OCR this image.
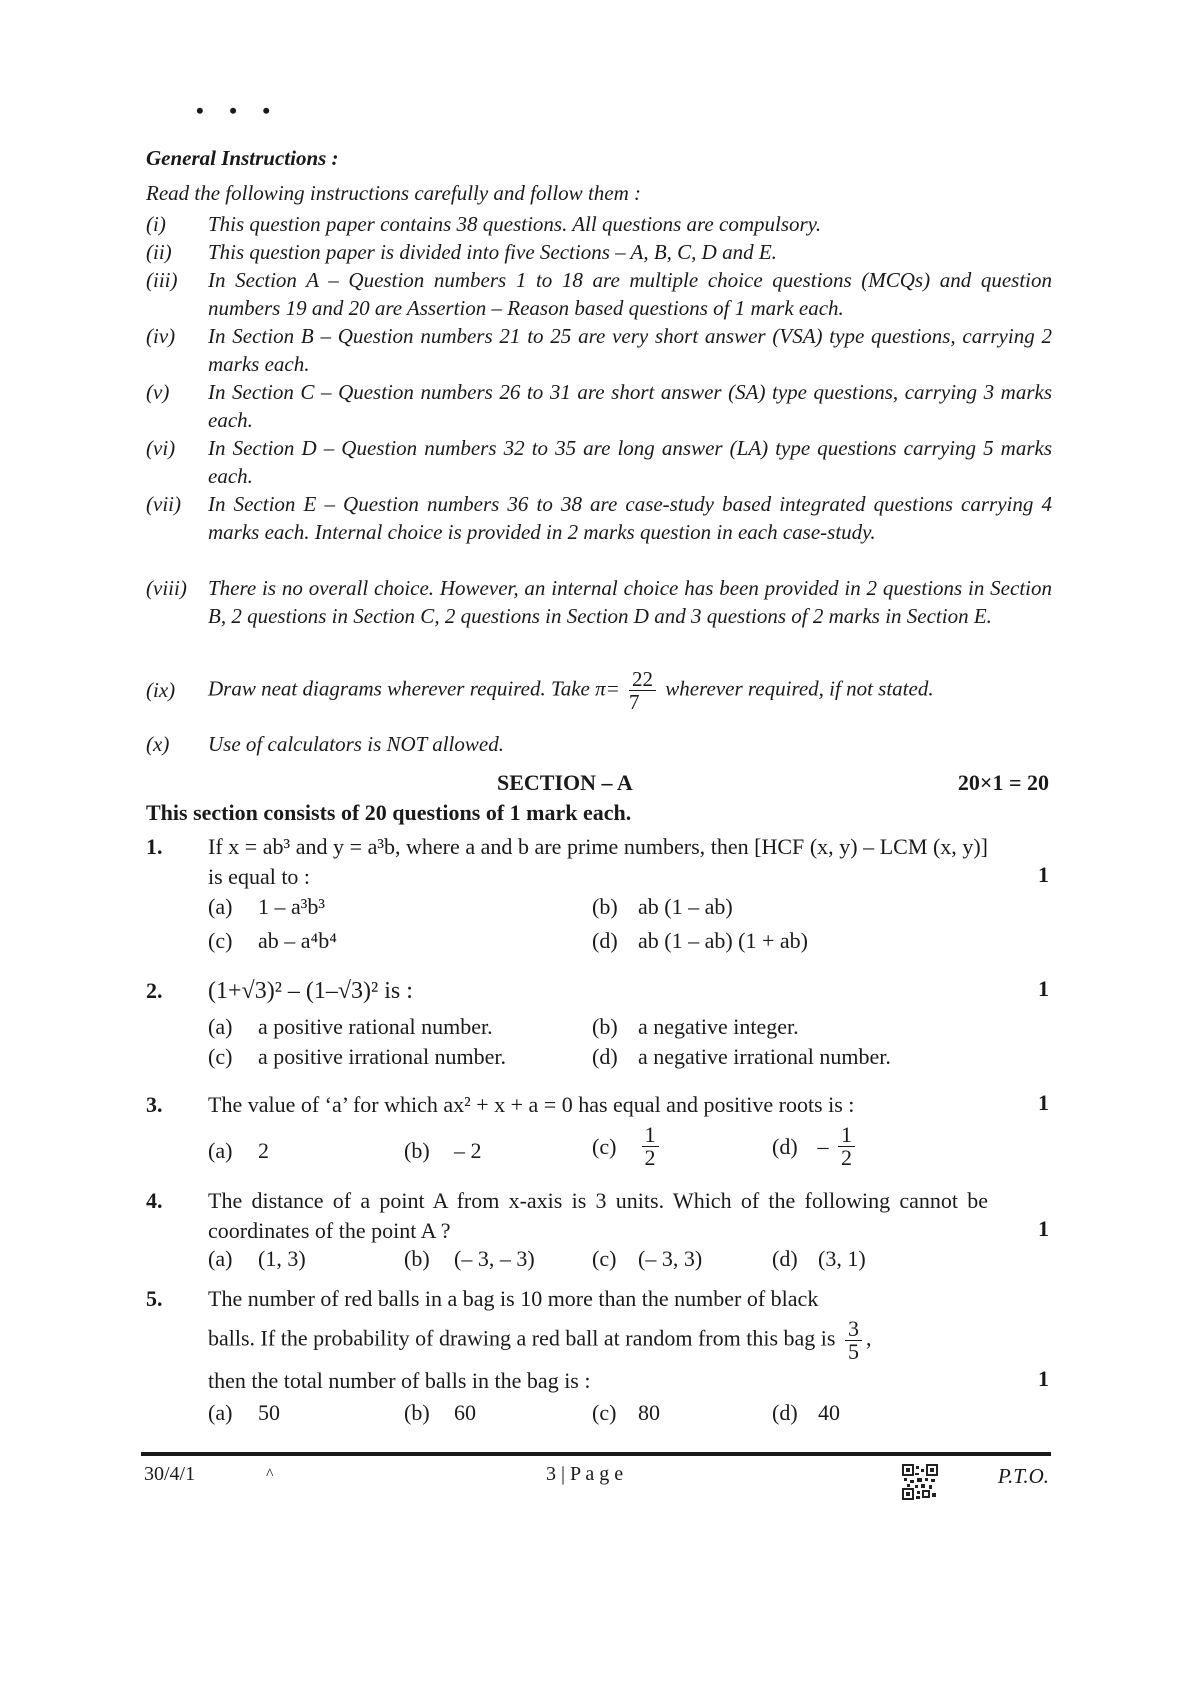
• • •
General Instructions :
Read the following instructions carefully and follow them :
(i)	This question paper contains 38 questions. All questions are compulsory.
(ii)	This question paper is divided into five Sections – A, B, C, D and E.
(iii)	In Section A – Question numbers 1 to 18 are multiple choice questions (MCQs) and question numbers 19 and 20 are Assertion – Reason based questions of 1 mark each.
(iv)	In Section B – Question numbers 21 to 25 are very short answer (VSA) type questions, carrying 2 marks each.
(v)	In Section C – Question numbers 26 to 31 are short answer (SA) type questions, carrying 3 marks each.
(vi)	In Section D – Question numbers 32 to 35 are long answer (LA) type questions carrying 5 marks each.
(vii)	In Section E – Question numbers 36 to 38 are case-study based integrated questions carrying 4 marks each. Internal choice is provided in 2 marks question in each case-study.
(viii)	There is no overall choice. However, an internal choice has been provided in 2 questions in Section B, 2 questions in Section C, 2 questions in Section D and 3 questions of 2 marks in Section E.
(ix)	Draw neat diagrams wherever required. Take $\pi= \frac{22}{7}$ wherever required, if not stated.
(x)	Use of calculators is NOT allowed.
SECTION – A	20×1 = 20
This section consists of 20 questions of 1 mark each.
1. If x = ab³ and y = a³b, where a and b are prime numbers, then [HCF (x, y) – LCM (x, y)] is equal to :	1
(a) 1 – a³b³	(b) ab (1 – ab)
(c) ab – a⁴b⁴	(d) ab (1 – ab) (1 + ab)
2. (1+√3)² – (1–√3)² is :	1
(a) a positive rational number.	(b) a negative integer.
(c) a positive irrational number.	(d) a negative irrational number.
3. The value of ‘a’ for which ax² + x + a = 0 has equal and positive roots is :	1
(a) 2	(b) – 2	$(c) \frac{1}{2}$	$(d) - \frac{1}{2}$
4. The distance of a point A from x-axis is 3 units. Which of the following cannot be coordinates of the point A ?	1
(a) (1, 3)	(b) (– 3, – 3)	(c) (– 3, 3)	(d) (3, 1)
5. The number of red balls in a bag is 10 more than the number of black
balls. If the probability of drawing a red ball at random from this bag is $\frac{3}{5}$ ,
then the total number of balls in the bag is :	1
(a) 50	(b) 60	(c) 80	(d) 40
30/4/1	^	3 | P a g e	P.T.O.
